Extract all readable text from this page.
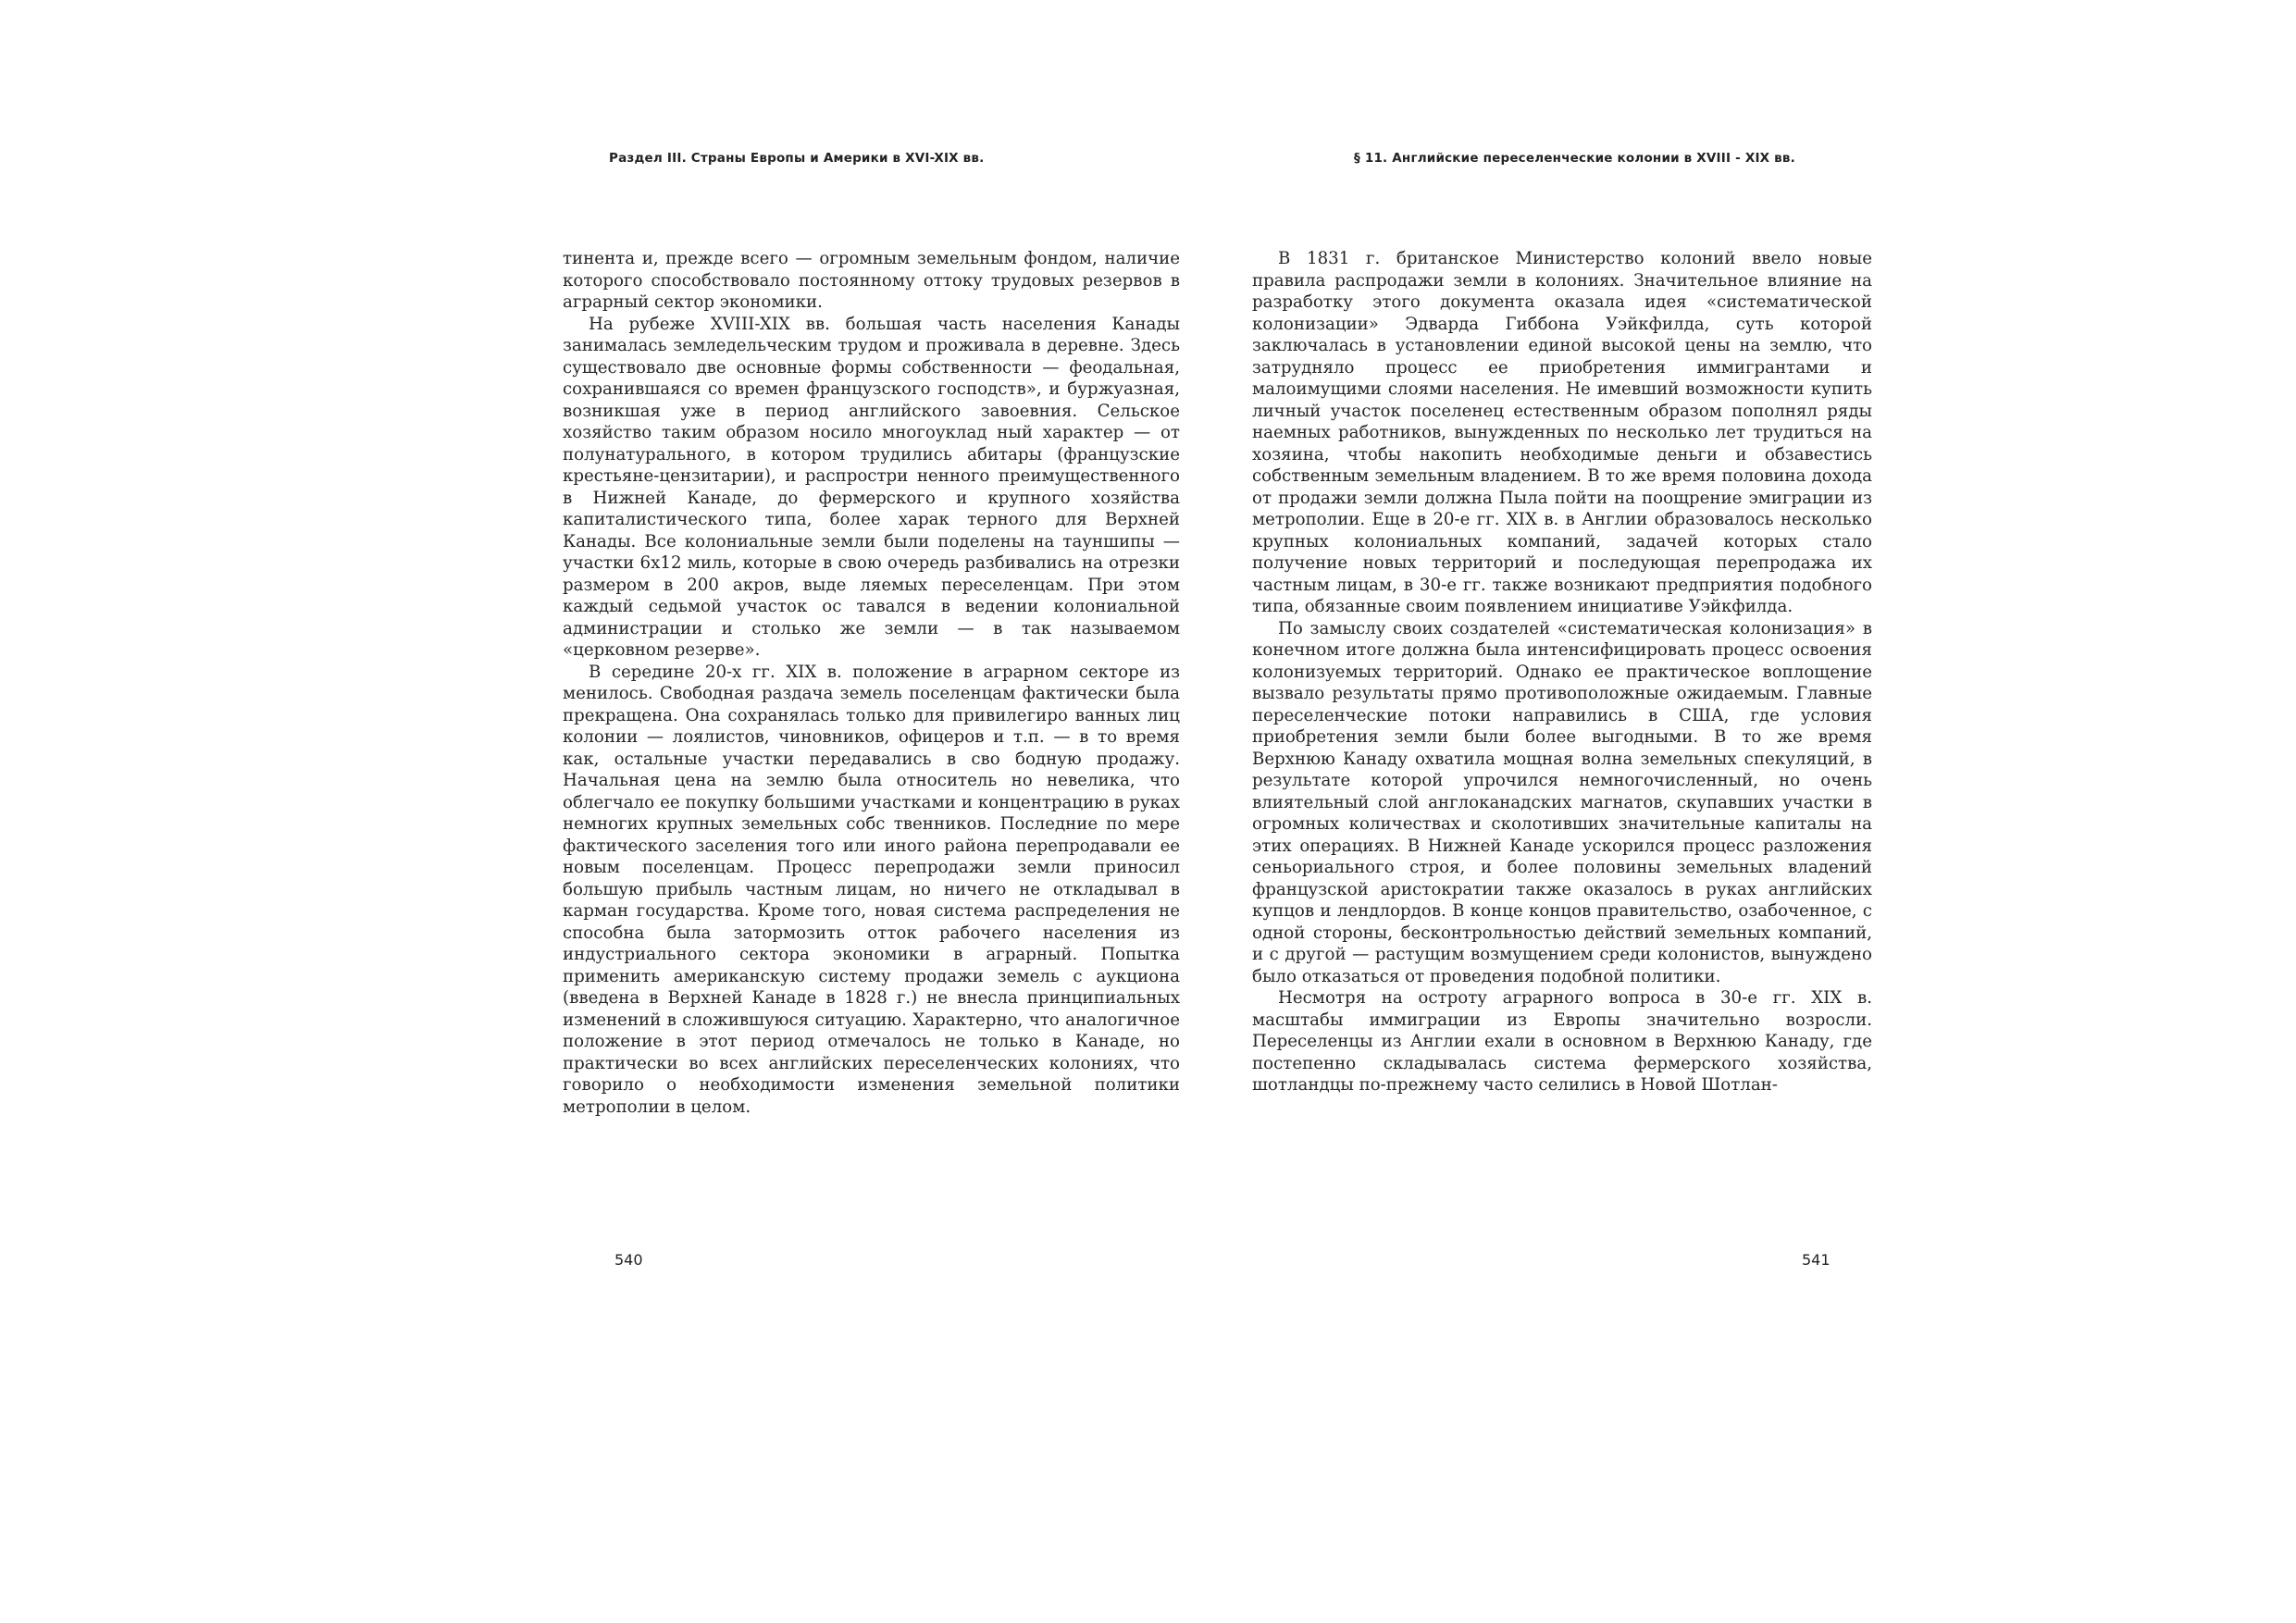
Раздел III. Страны Европы и Америки в XVI-XIX вв.

тинента и, прежде всего — огромным земельным фондом, наличие которого способствовало постоянному оттоку трудовых резервов в аграрный сектор экономики.

На рубеже XVIII-XIX вв. большая часть населения Канады занималась земледельческим трудом и проживала в деревне. Здесь существовало две основные формы собственности — феодальная, сохранившаяся со времен французского господств», и буржуазная, возникшая уже в период английского завоевния. Сельское хозяйство таким образом носило многоуклад ный характер — от полунатурального, в котором трудились абитары (французские крестьяне-цензитарии), и распростри ненного преимущественного в Нижней Канаде, до фермерского и крупного хозяйства капиталистического типа, более харак терного для Верхней Канады. Все колониальные земли были поделены на тауншипы — участки 6х12 миль, которые в свою очередь разбивались на отрезки размером в 200 акров, выде ляемых переселенцам. При этом каждый седьмой участок ос тавался в ведении колониальной администрации и столько же земли — в так называемом «церковном резерве».

В середине 20-х гг. XIX в. положение в аграрном секторе из менилось. Свободная раздача земель поселенцам фактически была прекращена. Она сохранялась только для привилегиро ванных лиц колонии — лоялистов, чиновников, офицеров и т.п. — в то время как, остальные участки передавались в сво бодную продажу. Начальная цена на землю была относитель но невелика, что облегчало ее покупку большими участками и концентрацию в руках немногих крупных земельных собс твенников. Последние по мере фактического заселения того или иного района перепродавали ее новым поселенцам. Процесс перепродажи земли приносил большую прибыль частным лицам, но ничего не откладывал в карман государства. Кроме того, новая система распределения не способна была затормозить отток рабочего населения из индустриального сектора экономики в аграрный. Попытка применить американскую систему продажи земель с аукциона (введена в Верхней Канаде в 1828 г.) не внесла принципиальных изменений в сложившуюся ситуацию. Характерно, что аналогичное положение в этот период отмечалось не только в Канаде, но практически во всех английских переселенческих колониях, что говорило о необходимости изменения земельной политики метрополии в целом.

540
§ 11. Английские переселенческие колонии в XVIII - XIX вв.

В 1831 г. британское Министерство колоний ввело новые правила распродажи земли в колониях. Значительное влияние на разработку этого документа оказала идея «систематической колонизации» Эдварда Гиббона Уэйкфилда, суть которой заключалась в установлении единой высокой цены на землю, что затрудняло процесс ее приобретения иммигрантами и малоимущими слоями населения. Не имевший возможности купить личный участок поселенец естественным образом пополнял ряды наемных работников, вынужденных по несколько лет трудиться на хозяина, чтобы накопить необходимые деньги и обзавестись собственным земельным владением. В то же время половина дохода от продажи земли должна Пыла пойти на поощрение эмиграции из метрополии. Еще в 20-е гг. XIX в. в Англии образовалось несколько крупных колониальных компаний, задачей которых стало получение новых территорий и последующая перепродажа их частным лицам, в 30-е гг. также возникают предприятия подобного типа, обязанные своим появлением инициативе Уэйкфилда.

По замыслу своих создателей «систематическая колонизация» в конечном итоге должна была интенсифицировать процесс освоения колонизуемых территорий. Однако ее практическое воплощение вызвало результаты прямо противоположные ожидаемым. Главные переселенческие потоки направились в США, где условия приобретения земли были более выгодными. В то же время Верхнюю Канаду охватила мощная волна земельных спекуляций, в результате которой упрочился немногочисленный, но очень влиятельный слой англоканадских магнатов, скупавших участки в огромных количествах и сколотивших значительные капиталы на этих операциях. В Нижней Канаде ускорился процесс разложения сеньориального строя, и более половины земельных владений французской аристократии также оказалось в руках английских купцов и лендлордов. В конце концов правительство, озабоченное, с одной стороны, бесконтрольностью действий земельных компаний, и с другой — растущим возмущением среди колонистов, вынуждено было отказаться от проведения подобной политики.

Несмотря на остроту аграрного вопроса в 30-е гг. XIX в. масштабы иммиграции из Европы значительно возросли. Переселенцы из Англии ехали в основном в Верхнюю Канаду, где постепенно складывалась система фермерского хозяйства, шотландцы по-прежнему часто селились в Новой Шотлан-

541
